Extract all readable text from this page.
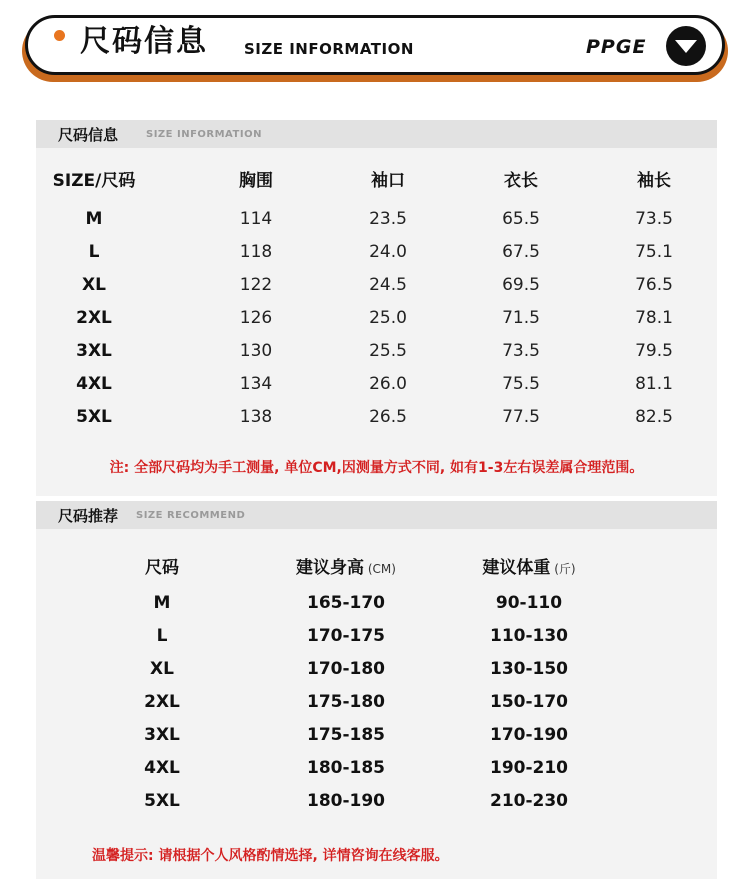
尺码信息 SIZE INFORMATION	PPGE
尺码信息	SIZE INFORMATION
SIZE/尺码	胸围	袖口	衣长	袖长
M	114	23.5	65.5	73.5
L	118	24.0	67.5	75.1
XL	122	24.5	69.5	76.5
2XL	126	25.0	71.5	78.1
3XL	130	25.5	73.5	79.5
4XL	134	26.0	75.5	81.1
5XL	138	26.5	77.5	82.5
注: 全部尺码均为手工测量, 单位CM,因测量方式不同, 如有1-3左右误差属合理范围。
尺码推荐 SIZE RECOMMEND
尺码	建议身高 (CM)	建议体重 (斤)
M	165-170	90-110
L	170-175	110-130
XL	170-180	130-150
2XL	175-180	150-170
3XL	175-185	170-190
4XL	180-185	190-210
5XL	180-190	210-230
温馨提示: 请根据个人风格酌情选择, 详情咨询在线客服。
